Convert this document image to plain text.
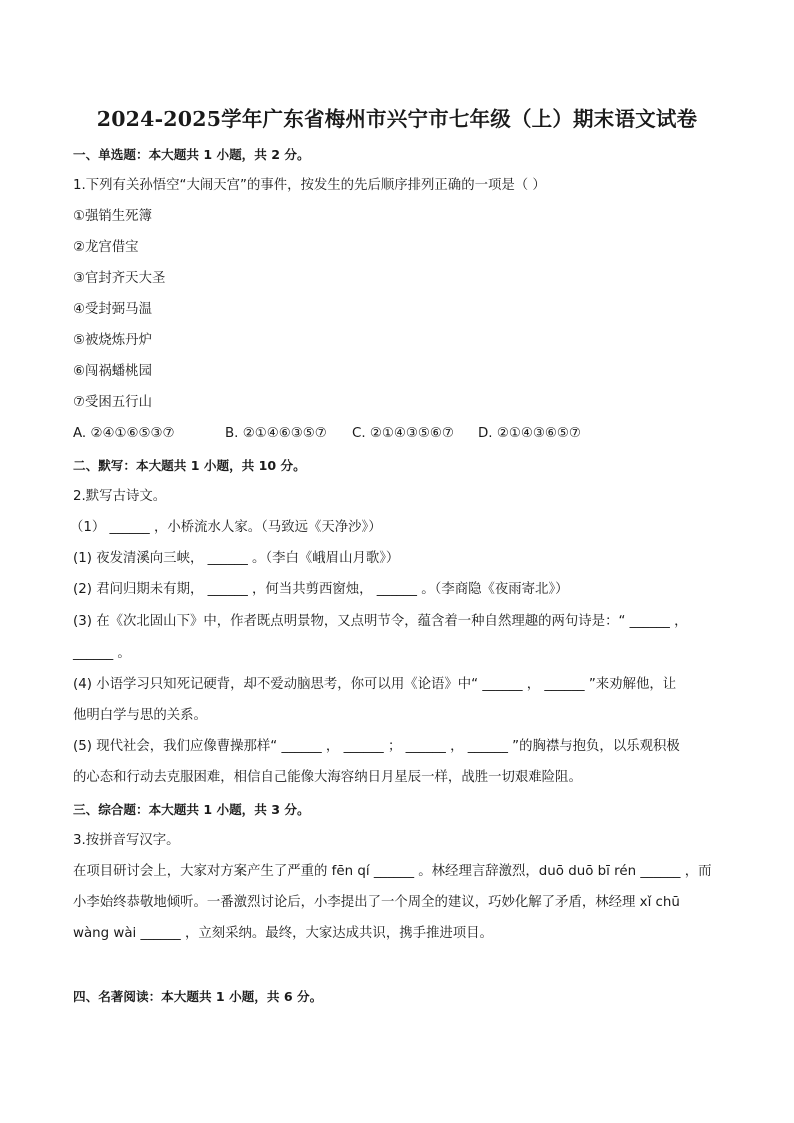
2024-2025学年广东省梅州市兴宁市七年级（上）期末语文试卷
一、单选题：本大题共 1 小题，共 2 分。
1.下列有关孙悟空“大闹天宫”的事件，按发生的先后顺序排列正确的一项是（ ）
①强销生死簿
②龙宫借宝
③官封齐天大圣
④受封弼马温
⑤被烧炼丹炉
⑥闯祸蟠桃园
⑦受困五行山
A. ②④①⑥⑤③⑦	B. ②①④⑥③⑤⑦ C. ②①④③⑤⑥⑦ D. ②①④③⑥⑤⑦
二、默写：本大题共 1 小题，共 10 分。
2.默写古诗文。
（1） ______ ，小桥流水人家。（马致远《天净沙》）
(1) 夜发清溪向三峡， ______ 。（李白《峨眉山月歌》）
(2) 君问归期未有期， ______ ，何当共剪西窗烛， ______ 。（李商隐《夜雨寄北》）
(3) 在《次北固山下》中，作者既点明景物，又点明节令，蕴含着一种自然理趣的两句诗是：“ ______ ，
______ 。
(4) 小语学习只知死记硬背，却不爱动脑思考，你可以用《论语》中“ ______ ， ______ ”来劝解他，让
他明白学与思的关系。
(5) 现代社会，我们应像曹操那样“ ______ ， ______ ； ______ ， ______ ”的胸襟与抱负，以乐观积极
的心态和行动去克服困难，相信自己能像大海容纳日月星辰一样，战胜一切艰难险阻。
三、综合题：本大题共 1 小题，共 3 分。
3.按拼音写汉字。
在项目研讨会上，大家对方案产生了严重的 fēn qí ______ 。林经理言辞激烈，duō duō bī rén ______ ，而
小李始终恭敬地倾听。一番激烈讨论后，小李提出了一个周全的建议，巧妙化解了矛盾，林经理 xǐ chū
wàng wài ______ ，立刻采纳。最终，大家达成共识，携手推进项目。
四、名著阅读：本大题共 1 小题，共 6 分。
